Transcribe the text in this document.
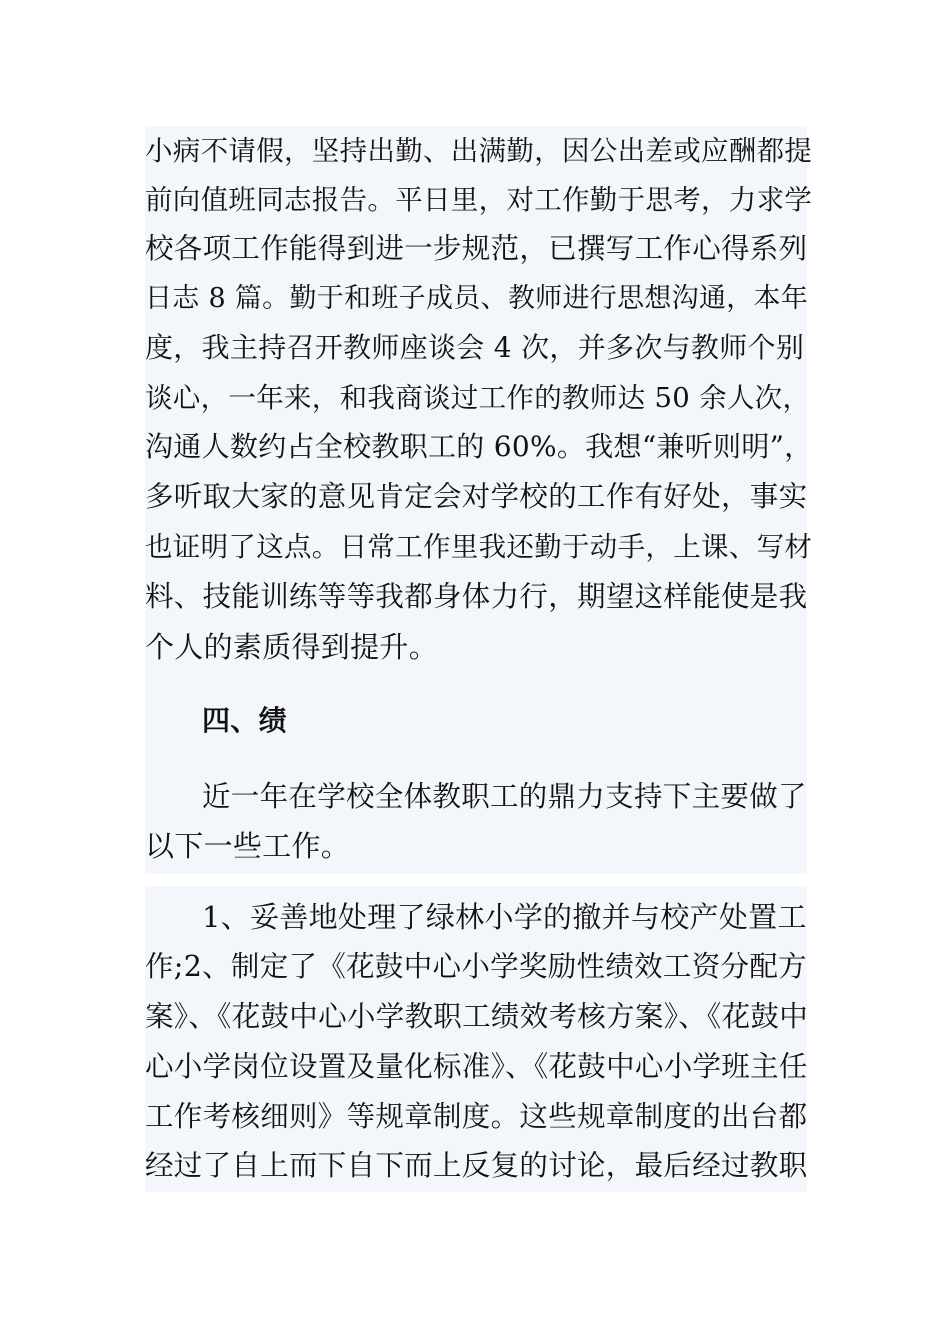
小病不请假，坚持出勤、出满勤，因公出差或应酬都提
前向值班同志报告。平日里，对工作勤于思考，力求学
校各项工作能得到进一步规范，已撰写工作心得系列
日志 8 篇。勤于和班子成员、教师进行思想沟通，本年
度，我主持召开教师座谈会 4 次，并多次与教师个别
谈心，一年来，和我商谈过工作的教师达 50 余人次，
沟通人数约占全校教职工的 60%。我想“兼听则明”，
多听取大家的意见肯定会对学校的工作有好处，事实
也证明了这点。日常工作里我还勤于动手，上课、写材
料、技能训练等等我都身体力行，期望这样能使是我
个人的素质得到提升。
四、绩
近一年在学校全体教职工的鼎力支持下主要做了
以下一些工作。
1、妥善地处理了绿林小学的撤并与校产处置工
作;2、制定了《花鼓中心小学奖励性绩效工资分配方
案》、《花鼓中心小学教职工绩效考核方案》、《花鼓中
心小学岗位设置及量化标准》、《花鼓中心小学班主任
工作考核细则》等规章制度。这些规章制度的出台都
经过了自上而下自下而上反复的讨论，最后经过教职
